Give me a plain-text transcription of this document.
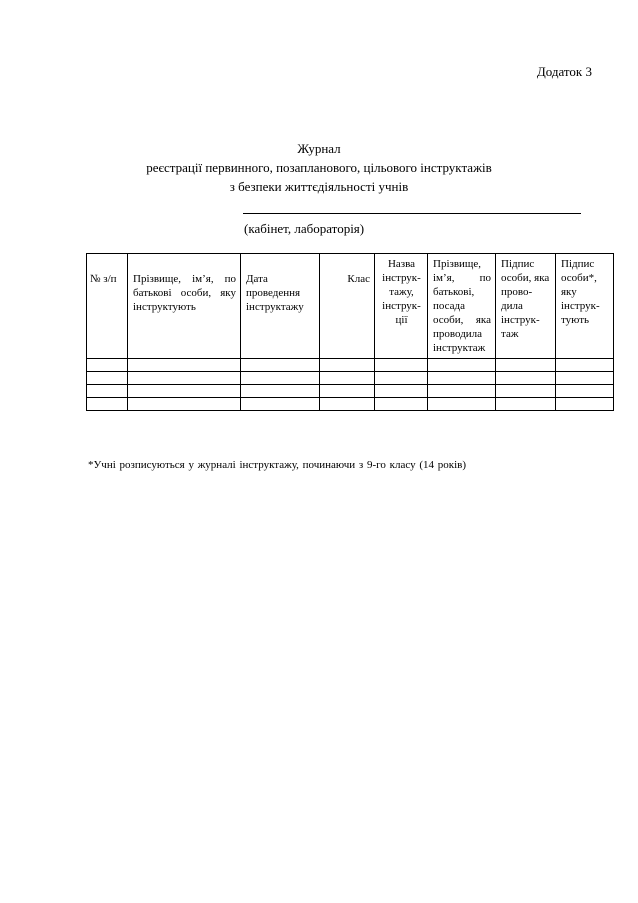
Додаток 3
Журнал
реєстрації первинного, позапланового, цільового інструктажів
з безпеки життєдіяльності учнів
(кабінет, лабораторія)
№ з/п	Прізвище, ім’я, по батькові особи, яку інструктують	Дата проведення інструктажу	Клас	Назва інструк-тажу, інструк-ції	Прізвище, ім’я, по батькові, посада особи, яка проводила інструктаж	Підпис особи, яка прово-дила інструк-таж	Підпис особи*, яку інструк-тують

*Учні розписуються у журналі інструктажу, починаючи з 9-го класу (14 років)
